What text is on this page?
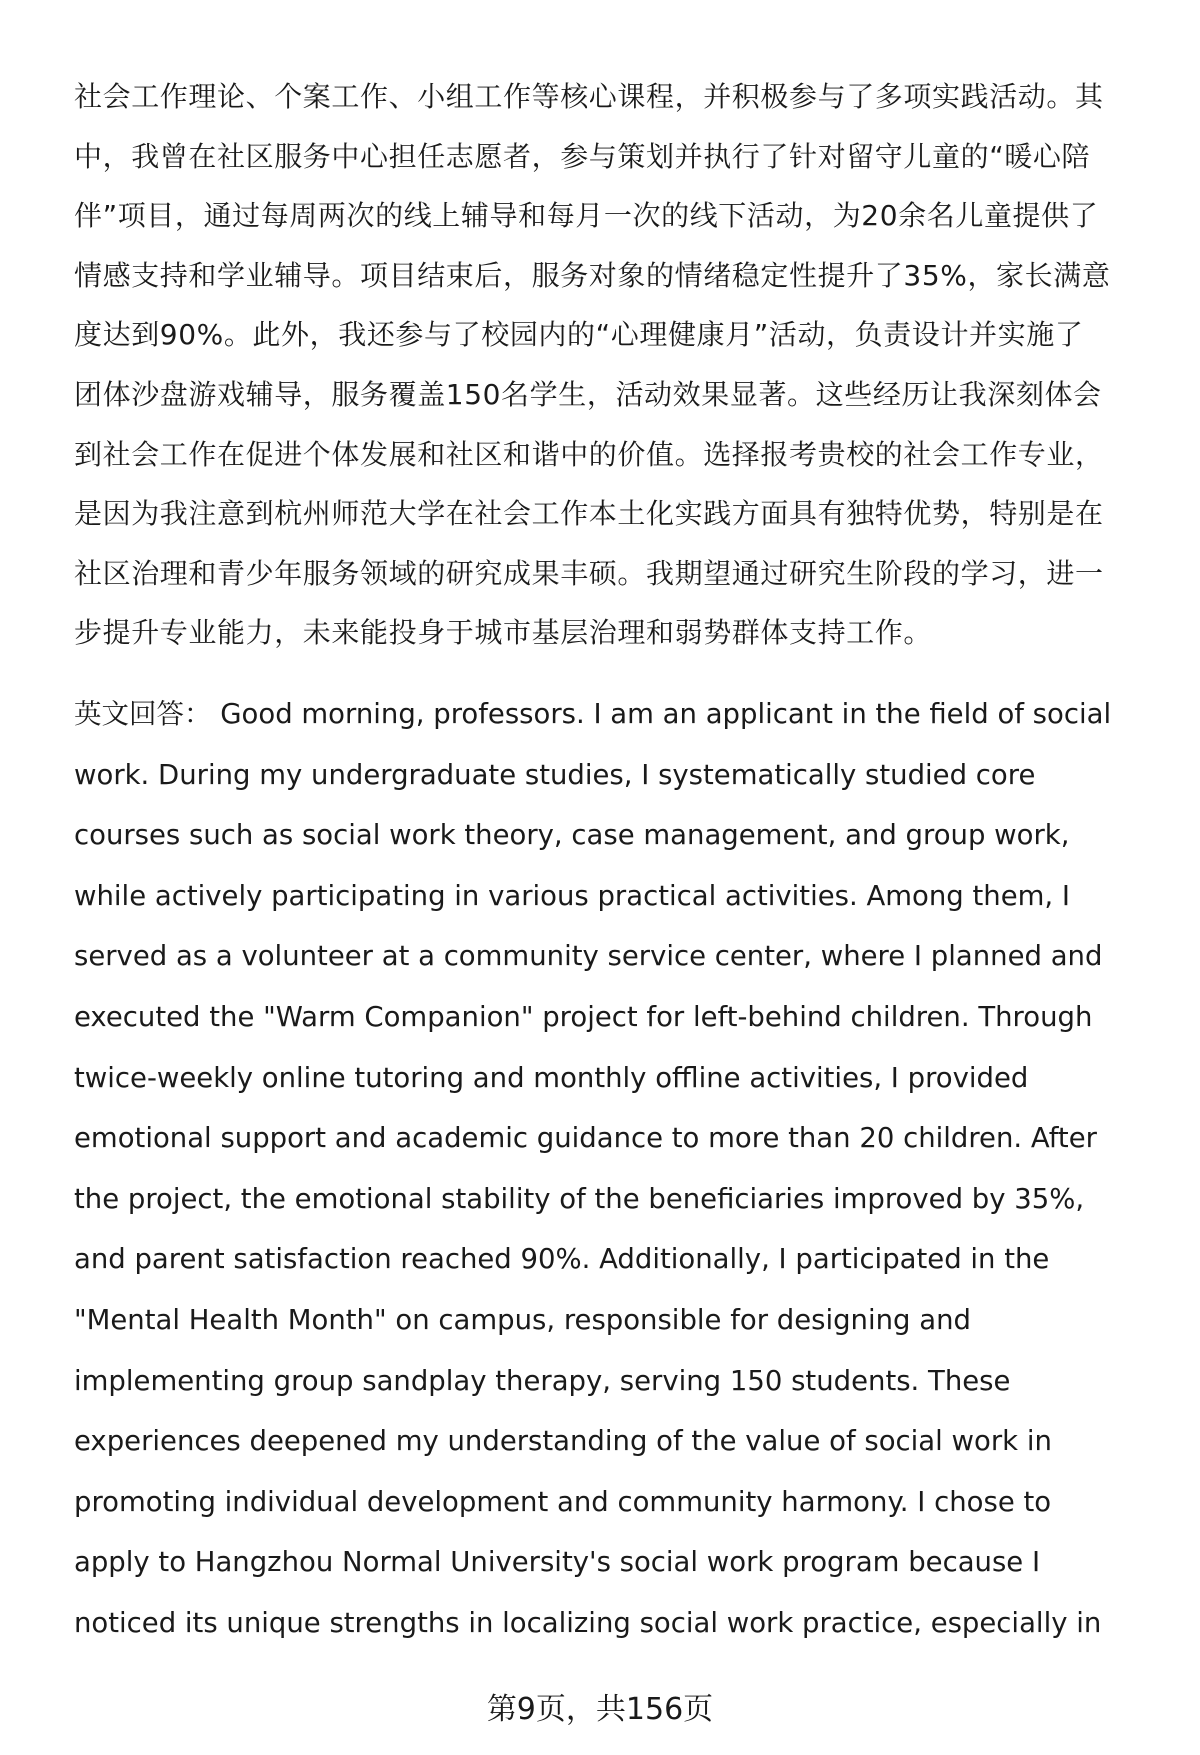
社会工作理论、个案工作、小组工作等核心课程，并积极参与了多项实践活动。其
中，我曾在社区服务中心担任志愿者，参与策划并执行了针对留守儿童的“暖心陪
伴”项目，通过每周两次的线上辅导和每月一次的线下活动，为20余名儿童提供了
情感支持和学业辅导。项目结束后，服务对象的情绪稳定性提升了35%，家长满意
度达到90%。此外，我还参与了校园内的“心理健康月”活动，负责设计并实施了
团体沙盘游戏辅导，服务覆盖150名学生，活动效果显著。这些经历让我深刻体会
到社会工作在促进个体发展和社区和谐中的价值。选择报考贵校的社会工作专业，
是因为我注意到杭州师范大学在社会工作本土化实践方面具有独特优势，特别是在
社区治理和青少年服务领域的研究成果丰硕。我期望通过研究生阶段的学习，进一
步提升专业能力，未来能投身于城市基层治理和弱势群体支持工作。
英文回答： Good morning, professors. I am an applicant in the field of social
work. During my undergraduate studies, I systematically studied core
courses such as social work theory, case management, and group work,
while actively participating in various practical activities. Among them, I
served as a volunteer at a community service center, where I planned and
executed the "Warm Companion" project for left-behind children. Through
twice-weekly online tutoring and monthly offline activities, I provided
emotional support and academic guidance to more than 20 children. After
the project, the emotional stability of the beneficiaries improved by 35%,
and parent satisfaction reached 90%. Additionally, I participated in the
"Mental Health Month" on campus, responsible for designing and
implementing group sandplay therapy, serving 150 students. These
experiences deepened my understanding of the value of social work in
promoting individual development and community harmony. I chose to
apply to Hangzhou Normal University's social work program because I
noticed its unique strengths in localizing social work practice, especially in
第9页，共156页
